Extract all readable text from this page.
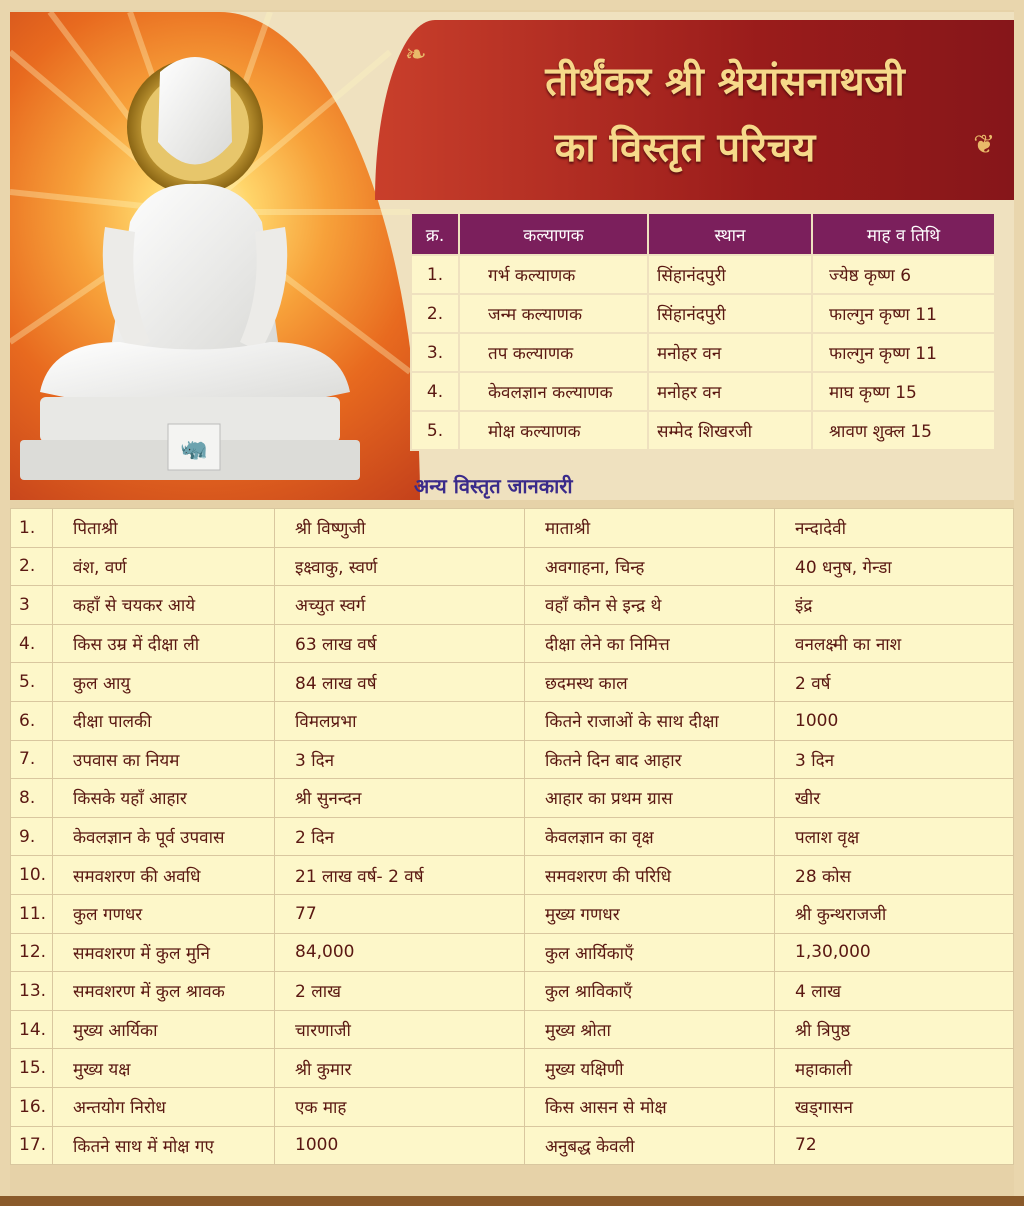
🦏
❧
❦
तीर्थंकर श्री श्रेयांसनाथजी
का विस्तृत परिचय
क्र.	कल्याणक	स्थान	माह व तिथि
1.	गर्भ कल्याणक	सिंहानंदपुरी	ज्येष्ठ कृष्ण 6
2.	जन्म कल्याणक	सिंहानंदपुरी	फाल्गुन कृष्ण 11
3.	तप कल्याणक	मनोहर वन	फाल्गुन कृष्ण 11
4.	केवलज्ञान कल्याणक	मनोहर वन	माघ कृष्ण 15
5.	मोक्ष कल्याणक	सम्मेद शिखरजी	श्रावण शुक्ल 15
अन्य विस्तृत जानकारी
1.	पिताश्री	श्री विष्णुजी	माताश्री	नन्दादेवी
2.	वंश, वर्ण	इक्ष्वाकु, स्वर्ण	अवगाहना, चिन्ह	40 धनुष, गेन्डा
3	कहाँ से चयकर आये	अच्युत स्वर्ग	वहाँ कौन से इन्द्र थे	इंद्र
4.	किस उम्र में दीक्षा ली	63 लाख वर्ष	दीक्षा लेने का निमित्त	वनलक्ष्मी का नाश
5.	कुल आयु	84 लाख वर्ष	छदमस्थ काल	2 वर्ष
6.	दीक्षा पालकी	विमलप्रभा	कितने राजाओं के साथ दीक्षा	1000
7.	उपवास का नियम	3 दिन	कितने दिन बाद आहार	3 दिन
8.	किसके यहाँ आहार	श्री सुनन्दन	आहार का प्रथम ग्रास	खीर
9.	केवलज्ञान के पूर्व उपवास	2 दिन	केवलज्ञान का वृक्ष	पलाश वृक्ष
10.	समवशरण की अवधि	21 लाख वर्ष- 2 वर्ष	समवशरण की परिधि	28 कोस
11.	कुल गणधर	77	मुख्य गणधर	श्री कुन्थराजजी
12.	समवशरण में कुल मुनि	84,000	कुल आर्यिकाएँ	1,30,000
13.	समवशरण में कुल श्रावक	2 लाख	कुल श्राविकाएँ	4 लाख
14.	मुख्य आर्यिका	चारणाजी	मुख्य श्रोता	श्री त्रिपुष्ठ
15.	मुख्य यक्ष	श्री कुमार	मुख्य यक्षिणी	महाकाली
16.	अन्तयोग निरोध	एक माह	किस आसन से मोक्ष	खड्गासन
17.	कितने साथ में मोक्ष गए	1000	अनुबद्ध केवली	72
